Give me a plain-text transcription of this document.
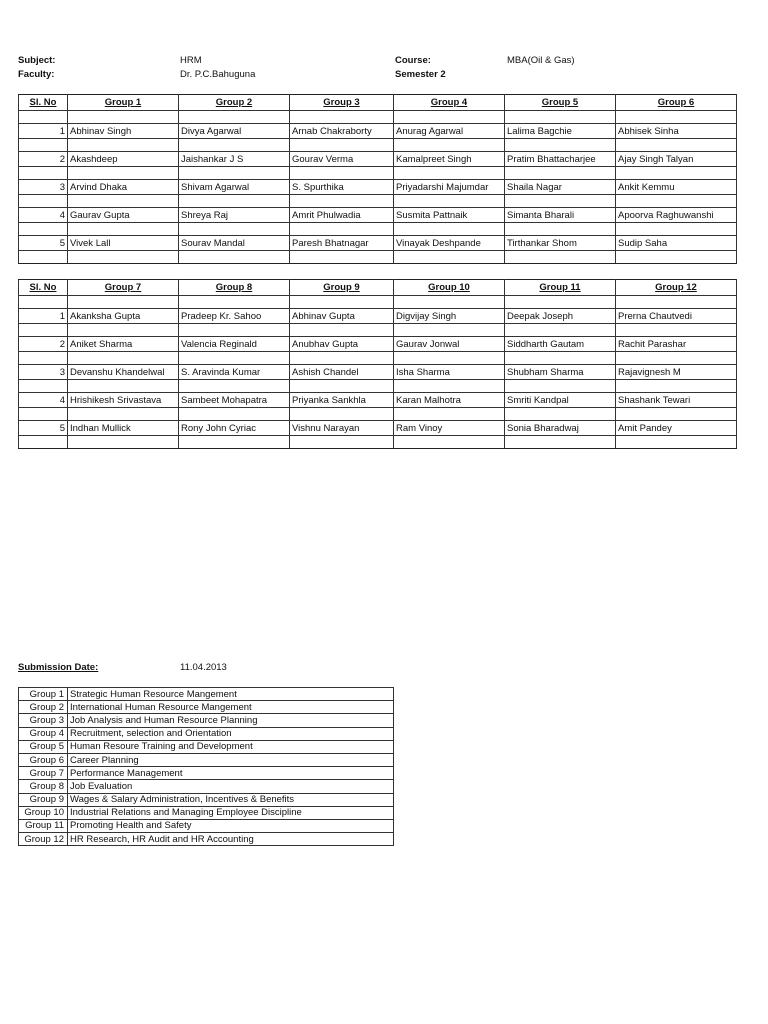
Subject:	HRM	Course:	MBA(Oil & Gas)
Faculty:	Dr. P.C.Bahuguna	Semester 2
Sl. No	Group 1	Group 2	Group 3	Group 4	Group 5	Group 6

1	Abhinav Singh	Divya Agarwal	Arnab Chakraborty	Anurag Agarwal	Lalima Bagchie	Abhisek Sinha

2	Akashdeep	Jaishankar J S	Gourav Verma	Kamalpreet Singh	Pratim Bhattacharjee	Ajay Singh Talyan

3	Arvind Dhaka	Shivam Agarwal	S. Spurthika	Priyadarshi Majumdar	Shaila Nagar	Ankit Kemmu

4	Gaurav Gupta	Shreya Raj	Amrit Phulwadia	Susmita Pattnaik	Simanta Bharali	Apoorva Raghuwanshi

5	Vivek Lall	Sourav Mandal	Paresh Bhatnagar	Vinayak Deshpande	Tirthankar Shom	Sudip Saha

Sl. No	Group 7	Group 8	Group 9	Group 10	Group 11	Group 12

1	Akanksha Gupta	Pradeep Kr. Sahoo	Abhinav Gupta	Digvijay Singh	Deepak Joseph	Prerna Chautvedi

2	Aniket Sharma	Valencia Reginald	Anubhav Gupta	Gaurav Jonwal	Siddharth Gautam	Rachit Parashar

3	Devanshu Khandelwal	S. Aravinda Kumar	Ashish Chandel	Isha Sharma	Shubham Sharma	Rajavignesh M

4	Hrishikesh Srivastava	Sambeet Mohapatra	Priyanka Sankhla	Karan Malhotra	Smriti Kandpal	Shashank Tewari

5	Indhan Mullick	Rony John Cyriac	Vishnu Narayan	Ram Vinoy	Sonia Bharadwaj	Amit Pandey

Submission Date:	11.04.2013
Group 1	Strategic Human Resource Mangement
Group 2	International Human Resource Mangement
Group 3	Job Analysis and Human Resource Planning
Group 4	Recruitment, selection and Orientation
Group 5	Human Resoure Training and Development
Group 6	Career Planning
Group 7	Performance Management
Group 8	Job Evaluation
Group 9	Wages & Salary Administration, Incentives & Benefits
Group 10	Industrial Relations and Managing Employee Discipline
Group 11	Promoting Health and Safety
Group 12	HR Research, HR Audit and HR Accounting
